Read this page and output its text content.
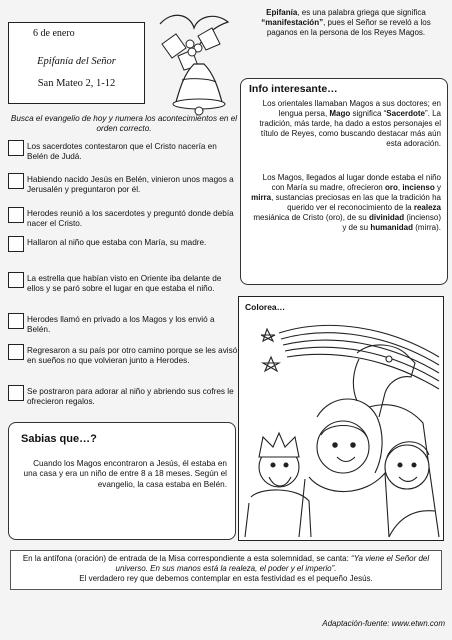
6 de enero
Epifanía del Señor
San Mateo 2, 1-12
Epifanía, es una palabra griega que significa “manifestación”, pues el Señor se reveló a los paganos en la persona de los Reyes Magos.
Info interesante…
Los orientales llamaban Magos a sus doctores; en lengua persa, Mago significa “Sacerdote”. La tradición, más tarde, ha dado a estos personajes el título de Reyes, como buscando destacar más aún esta adoración.
Los Magos, llegados al lugar donde estaba el niño con María su madre, ofrecieron oro, incienso y mirra, sustancias preciosas en las que la tradición ha querido ver el reconocimiento de la realeza mesiánica de Cristo (oro), de su divinidad (incienso) y de su humanidad (mirra).
Busca el evangelio de hoy y numera los acontecimientos en el orden correcto.
Los sacerdotes contestaron que el Cristo nacería en Belén de Judá.
Habiendo nacido Jesús en Belén, vinieron unos magos a Jerusalén y preguntaron por él.
Herodes reunió a los sacerdotes y preguntó donde debía nacer el Cristo.
Hallaron al niño que estaba con María, su madre.
La estrella que habían visto en Oriente iba delante de ellos y se paró sobre el lugar en que estaba el niño.
Herodes llamó en privado a los Magos y los envió a Belén.
Regresaron a su país por otro camino porque se les avisó en sueños no que volvieran junto a Herodes.
Se postraron para adorar al niño y abriendo sus cofres le ofrecieron regalos.
Sabias que…?
Cuando los Magos encontraron a Jesús, él estaba en una casa y era un niño de entre 8 a 18 meses. Según el evangelio, la casa estaba en Belén.
Colorea…
En la antífona (oración) de entrada de la Misa correspondiente a esta solemnidad, se canta: “Ya viene el Señor del universo. En sus manos está la realeza, el poder y el imperio”.
El verdadero rey que debemos contemplar en esta festividad es el pequeño Jesús.
Adaptación-fuente: www.etwn.com
